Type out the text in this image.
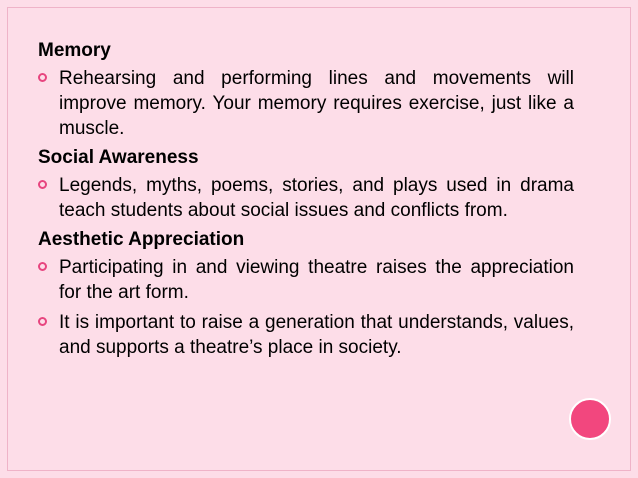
Memory
Rehearsing and performing lines and movements will improve memory. Your memory requires exercise, just like a muscle.
Social Awareness
Legends, myths, poems, stories, and plays used in drama teach students about social issues and conflicts from.
Aesthetic Appreciation
Participating in and viewing theatre raises the appreciation for the art form.
It is important to raise a generation that understands, values, and supports a theatre’s place in society.
